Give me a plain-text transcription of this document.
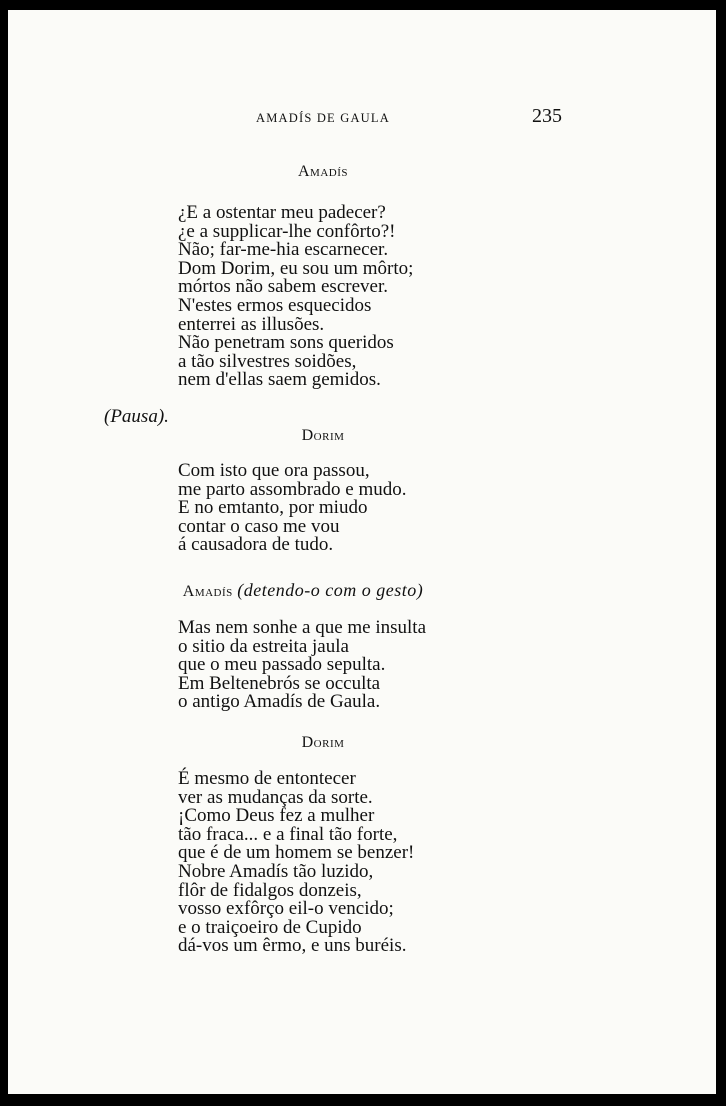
AMADÍS DE GAULA	235
Amadís
¿E a ostentar meu padecer?
¿e a supplicar-lhe confôrto?!
Não; far-me-hia escarnecer.
Dom Dorim, eu sou um môrto;
mórtos não sabem escrever.
N'estes ermos esquecidos
enterrei as illusões.
Não penetram sons queridos
a tão silvestres soidões,
nem d'ellas saem gemidos.
(Pausa).
Dorim
Com isto que ora passou,
me parto assombrado e mudo.
E no emtanto, por miudo
contar o caso me vou
á causadora de tudo.
Amadís (detendo-o com o gesto)
Mas nem sonhe a que me insulta
o sitio da estreita jaula
que o meu passado sepulta.
Em Beltenebrós se occulta
o antigo Amadís de Gaula.
Dorim
É mesmo de entontecer
ver as mudanças da sorte.
¡Como Deus fez a mulher
tão fraca... e a final tão forte,
que é de um homem se benzer!
Nobre Amadís tão luzido,
flôr de fidalgos donzeis,
vosso exfôrço eil-o vencido;
e o traiçoeiro de Cupido
dá-vos um êrmo, e uns buréis.
